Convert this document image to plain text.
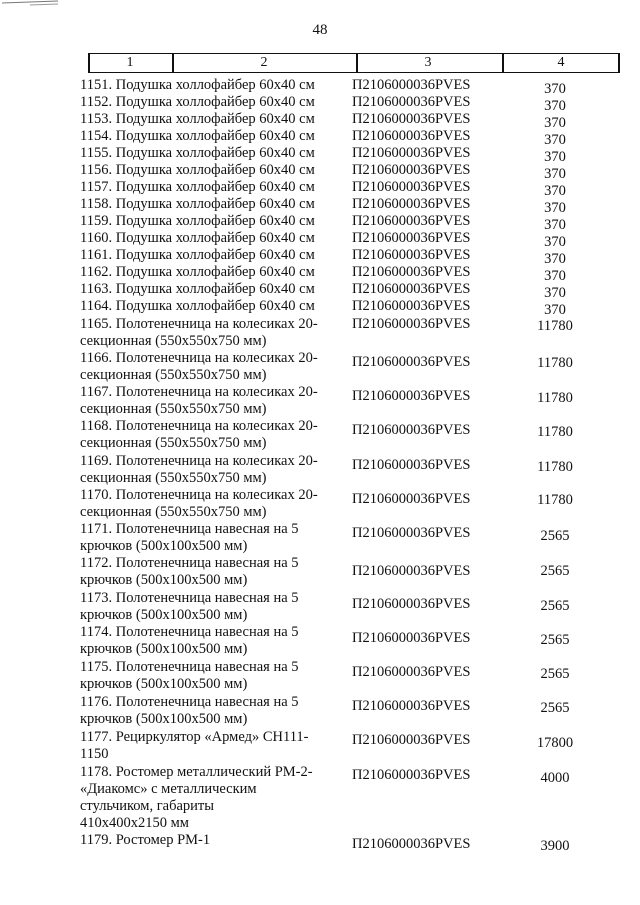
48
1	2	3	4
1151. Подушка холлофайбер 60х40 см	П2106000036PVES	370
1152. Подушка холлофайбер 60х40 см	П2106000036PVES	370
1153. Подушка холлофайбер 60х40 см	П2106000036PVES	370
1154. Подушка холлофайбер 60х40 см	П2106000036PVES	370
1155. Подушка холлофайбер 60х40 см	П2106000036PVES	370
1156. Подушка холлофайбер 60х40 см	П2106000036PVES	370
1157. Подушка холлофайбер 60х40 см	П2106000036PVES	370
1158. Подушка холлофайбер 60х40 см	П2106000036PVES	370
1159. Подушка холлофайбер 60х40 см	П2106000036PVES	370
1160. Подушка холлофайбер 60х40 см	П2106000036PVES	370
1161. Подушка холлофайбер 60х40 см	П2106000036PVES	370
1162. Подушка холлофайбер 60х40 см	П2106000036PVES	370
1163. Подушка холлофайбер 60х40 см	П2106000036PVES	370
1164. Подушка холлофайбер 60х40 см	П2106000036PVES	370
1165. Полотенечница на колесиках 20-
секционная (550х550х750 мм)
П2106000036PVES	11780
1166. Полотенечница на колесиках 20-
секционная (550х550х750 мм)
П2106000036PVES	11780
1167. Полотенечница на колесиках 20-
секционная (550х550х750 мм)
П2106000036PVES	11780
1168. Полотенечница на колесиках 20-
секционная (550х550х750 мм)
П2106000036PVES	11780
1169. Полотенечница на колесиках 20-
секционная (550х550х750 мм)
П2106000036PVES	11780
1170. Полотенечница на колесиках 20-
секционная (550х550х750 мм)
П2106000036PVES	11780
1171. Полотенечница навесная на 5
крючков (500х100х500 мм)
П2106000036PVES	2565
1172. Полотенечница навесная на 5
крючков (500х100х500 мм)
П2106000036PVES	2565
1173. Полотенечница навесная на 5
крючков (500х100х500 мм)
П2106000036PVES	2565
1174. Полотенечница навесная на 5
крючков (500х100х500 мм)
П2106000036PVES	2565
1175. Полотенечница навесная на 5
крючков (500х100х500 мм)
П2106000036PVES	2565
1176. Полотенечница навесная на 5
крючков (500х100х500 мм)
П2106000036PVES	2565
1177. Рециркулятор «Армед» СН111-
1150
П2106000036PVES	17800
1178. Ростомер металлический РМ-2-
«Диакомс» с металлическим
стульчиком, габариты
410х400х2150 мм
П2106000036PVES	4000
1179. Ростомер РМ-1	П2106000036PVES	3900
